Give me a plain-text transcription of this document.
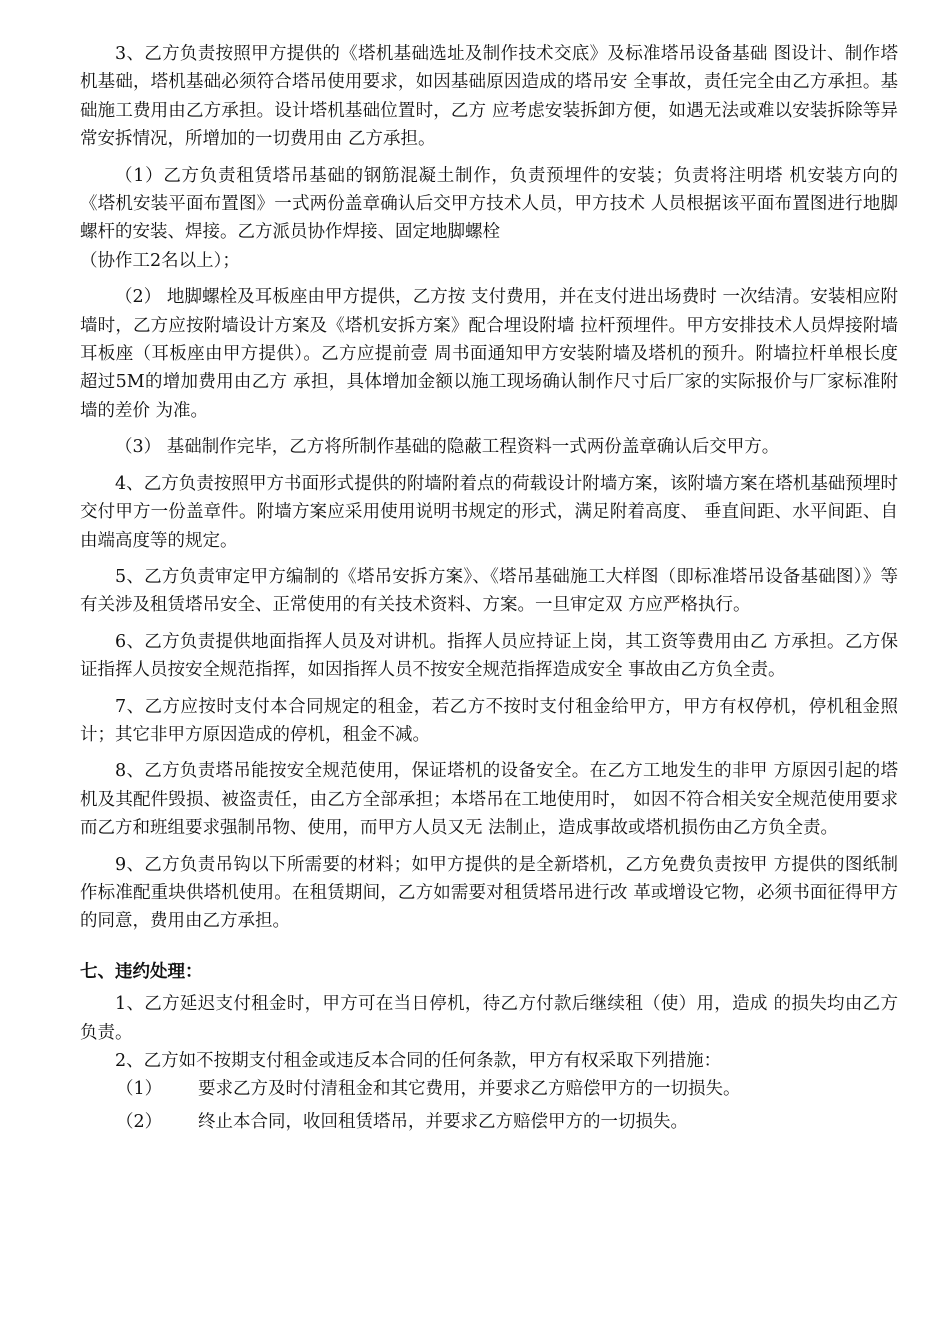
3、乙方负责按照甲方提供的《塔机基础选址及制作技术交底》及标准塔吊设备基础 图设计、制作塔机基础，塔机基础必须符合塔吊使用要求，如因基础原因造成的塔吊安 全事故，责任完全由乙方承担。基础施工费用由乙方承担。设计塔机基础位置时，乙方 应考虑安装拆卸方便，如遇无法或难以安装拆除等异常安拆情况，所增加的一切费用由 乙方承担。

（1）乙方负责租赁塔吊基础的钢筋混凝土制作，负责预埋件的安装；负责将注明塔 机安装方向的《塔机安装平面布置图》一式两份盖章确认后交甲方技术人员，甲方技术 人员根据该平面布置图进行地脚螺杆的安装、焊接。乙方派员协作焊接、固定地脚螺栓

（协作工2名以上）；

（2） 地脚螺栓及耳板座由甲方提供，乙方按 支付费用，并在支付进出场费时 一次结清。安装相应附墙时，乙方应按附墙设计方案及《塔机安拆方案》配合埋设附墙 拉杆预埋件。甲方安排技术人员焊接附墙耳板座（耳板座由甲方提供）。乙方应提前壹 周书面通知甲方安装附墙及塔机的预升。附墙拉杆单根长度超过5M的增加费用由乙方 承担，具体增加金额以施工现场确认制作尺寸后厂家的实际报价与厂家标准附墙的差价 为准。

（3） 基础制作完毕，乙方将所制作基础的隐蔽工程资料一式两份盖章确认后交甲方。

4、乙方负责按照甲方书面形式提供的附墙附着点的荷载设计附墙方案，该附墙方案在塔机基础预埋时交付甲方一份盖章件。附墙方案应采用使用说明书规定的形式，满足附着高度、 垂直间距、水平间距、自由端高度等的规定。

5、乙方负责审定甲方编制的《塔吊安拆方案》、《塔吊基础施工大样图（即标准塔吊设备基础图）》等有关涉及租赁塔吊安全、正常使用的有关技术资料、方案。一旦审定双 方应严格执行。

6、乙方负责提供地面指挥人员及对讲机。指挥人员应持证上岗，其工资等费用由乙 方承担。乙方保证指挥人员按安全规范指挥，如因指挥人员不按安全规范指挥造成安全 事故由乙方负全责。

7、乙方应按时支付本合同规定的租金，若乙方不按时支付租金给甲方，甲方有权停机，停机租金照计；其它非甲方原因造成的停机，租金不减。

8、乙方负责塔吊能按安全规范使用，保证塔机的设备安全。在乙方工地发生的非甲 方原因引起的塔机及其配件毁损、被盗责任，由乙方全部承担；本塔吊在工地使用时， 如因不符合相关安全规范使用要求而乙方和班组要求强制吊物、使用，而甲方人员又无 法制止，造成事故或塔机损伤由乙方负全责。

9、乙方负责吊钩以下所需要的材料；如甲方提供的是全新塔机，乙方免费负责按甲 方提供的图纸制作标准配重块供塔机使用。在租赁期间，乙方如需要对租赁塔吊进行改 革或增设它物，必须书面征得甲方的同意，费用由乙方承担。

七、违约处理：

1、乙方延迟支付租金时，甲方可在当日停机，待乙方付款后继续租（使）用，造成 的损失均由乙方负责。

2、乙方如不按期支付租金或违反本合同的任何条款，甲方有权采取下列措施：

（1）	要求乙方及时付清租金和其它费用，并要求乙方赔偿甲方的一切损失。
（2）	终止本合同，收回租赁塔吊，并要求乙方赔偿甲方的一切损失。
